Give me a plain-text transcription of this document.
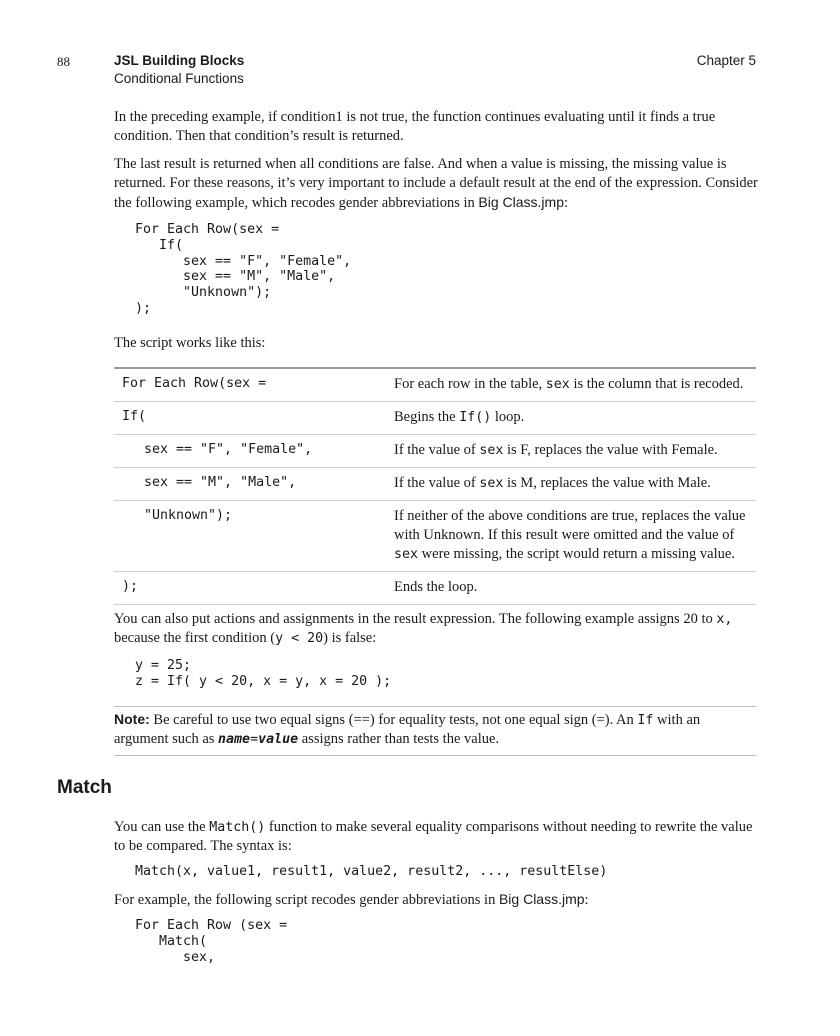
88	JSL Building Blocks
Conditional Functions
Chapter 5

In the preceding example, if condition1 is not true, the function continues evaluating until it finds a true condition. Then that condition’s result is returned.

The last result is returned when all conditions are false. And when a value is missing, the missing value is returned. For these reasons, it’s very important to include a default result at the end of the expression. Consider the following example, which recodes gender abbreviations in Big Class.jmp:

For Each Row(sex =
If(
sex == "F", "Female",
sex == "M", "Male",
"Unknown");
);

The script works like this:

For Each Row(sex =	For each row in the table, sex is the column that is recoded.
If(	Begins the If() loop.
sex == "F", "Female",	If the value of sex is F, replaces the value with Female.
sex == "M", "Male",	If the value of sex is M, replaces the value with Male.
"Unknown");	If neither of the above conditions are true, replaces the value with Unknown. If this result were omitted and the value of sex were missing, the script would return a missing value.
);	Ends the loop.

You can also put actions and assignments in the result expression. The following example assigns 20 to x, because the first condition (y < 20) is false:

y = 25;
z = If( y < 20, x = y, x = 20 );

Note: Be careful to use two equal signs (==) for equality tests, not one equal sign (=). An If with an argument such as name=value assigns rather than tests the value.

Match

You can use the Match() function to make several equality comparisons without needing to rewrite the value to be compared. The syntax is:

Match(x, value1, result1, value2, result2, ..., resultElse)

For example, the following script recodes gender abbreviations in Big Class.jmp:

For Each Row (sex =
Match(
sex,
